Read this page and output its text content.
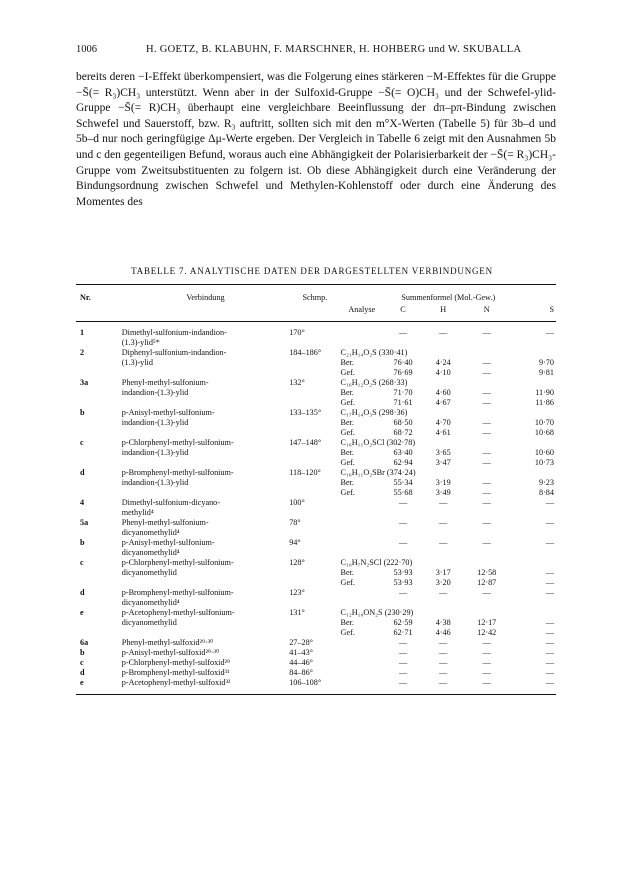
1006	H. GOETZ, B. KLABUHN, F. MARSCHNER, H. HOHBERG und W. SKUBALLA
bereits deren −I-Effekt überkompensiert, was die Folgerung eines stärkeren −M-Effektes für die Gruppe −S̄(= R₃)CH₃ unterstützt. Wenn aber in der Sulfoxid-Gruppe −S̄(= O)CH₃ und der Schwefel-ylid-Gruppe −S̄(= R)CH₃ überhaupt eine vergleichbare Beeinflussung der dπ–pπ-Bindung zwischen Schwefel und Sauerstoff, bzw. R₃ auftritt, sollten sich mit den m°X-Werten (Tabelle 5) für 3b–d und 5b–d nur noch geringfügige Δμ-Werte ergeben. Der Vergleich in Tabelle 6 zeigt mit den Ausnahmen 5b und c den gegenteiligen Befund, woraus auch eine Abhängigkeit der Polarisierbarkeit der −S̄(= R₃)CH₃-Gruppe vom Zweitsubstituenten zu folgern ist. Ob diese Abhängigkeit durch eine Veränderung der Bindungsordnung zwischen Schwefel und Methylen-Kohlenstoff oder durch eine Änderung des Momentes des
TABELLE 7. ANALYTISCHE DATEN DER DARGESTELLTEN VERBINDUNGEN
Nr.	Verbindung	Schmp.	Summenformel (Mol.-Gew.)				
			Analyse	C	H	N	S
1	Dimethyl-sulfonium-indandion-	170°		—	—	—	—
	(1.3)-ylid⁵*						
2	Diphenyl-sulfonium-indandion-	184–186°	C₂₁H₁₄O₂S (330·41)				
	(1.3)-ylid		Ber.	76·40	4·24	—	9·70
			Gef.	76·69	4·10	—	9·81
3a	Phenyl-methyl-sulfonium-	132°	C₁₆H₁₂O₂S (268·33)				
	indandion-(1.3)-ylid		Ber.	71·70	4·60	—	11·90
			Gef.	71·61	4·67	—	11·86
b	p-Anisyl-methyl-sulfonium-	133–135°	C₁₇H₁₄O₃S (298·36)				
	indandion-(1.3)-ylid		Ber.	68·50	4·70	—	10·70
			Gef.	68·72	4·61	—	10·68
c	p-Chlorphenyl-methyl-sulfonium-	147–148°	C₁₆H₁₁O₂SCl (302·78)				
	indandion-(1.3)-ylid		Ber.	63·40	3·65	—	10·60
			Gef.	62·94	3·47	—	10·73
d	p-Bromphenyl-methyl-sulfonium-	118–120°	C₁₆H₁₁O₂SBr (374·24)				
	indandion-(1.3)-ylid		Ber.	55·34	3·19	—	9·23
			Gef.	55·68	3·49	—	8·84
4	Dimethyl-sulfonium-dicyano-	100°		—	—	—	—
	methylid⁴						
5a	Phenyl-methyl-sulfonium-	78°		—	—	—	—
	dicyanomethylid⁴						
b	p-Anisyl-methyl-sulfonium-	94°		—	—	—	—
	dicyanomethylid⁴						
c	p-Chlorphenyl-methyl-sulfonium-	128°	C₁₀H₇N₂SCl (222·70)				
	dicyanomethylid		Ber.	53·93	3·17	12·58	—
			Gef.	53·93	3·20	12·87	—
d	p-Bromphenyl-methyl-sulfonium-	123°		—	—	—	—
	dicyanomethylid⁴						
e	p-Acetophenyl-methyl-sulfonium-	131°	C₁₂H₁₀ON₂S (230·29)				
	dicyanomethylid		Ber.	62·59	4·38	12·17	—
			Gef.	62·71	4·46	12·42	—
6a	Phenyl-methyl-sulfoxid²⁹·³⁰	27–28°		—	—	—	—
b	p-Anisyl-methyl-sulfoxid²⁹·³⁰	41–43°		—	—	—	—
c	p-Chlorphenyl-methyl-sulfoxid²⁹	44–46°		—	—	—	—
d	p-Bromphenyl-methyl-sulfoxid³¹	84–86°		—	—	—	—
e	p-Acetophenyl-methyl-sulfoxid³²	106–108°		—	—	—	—
